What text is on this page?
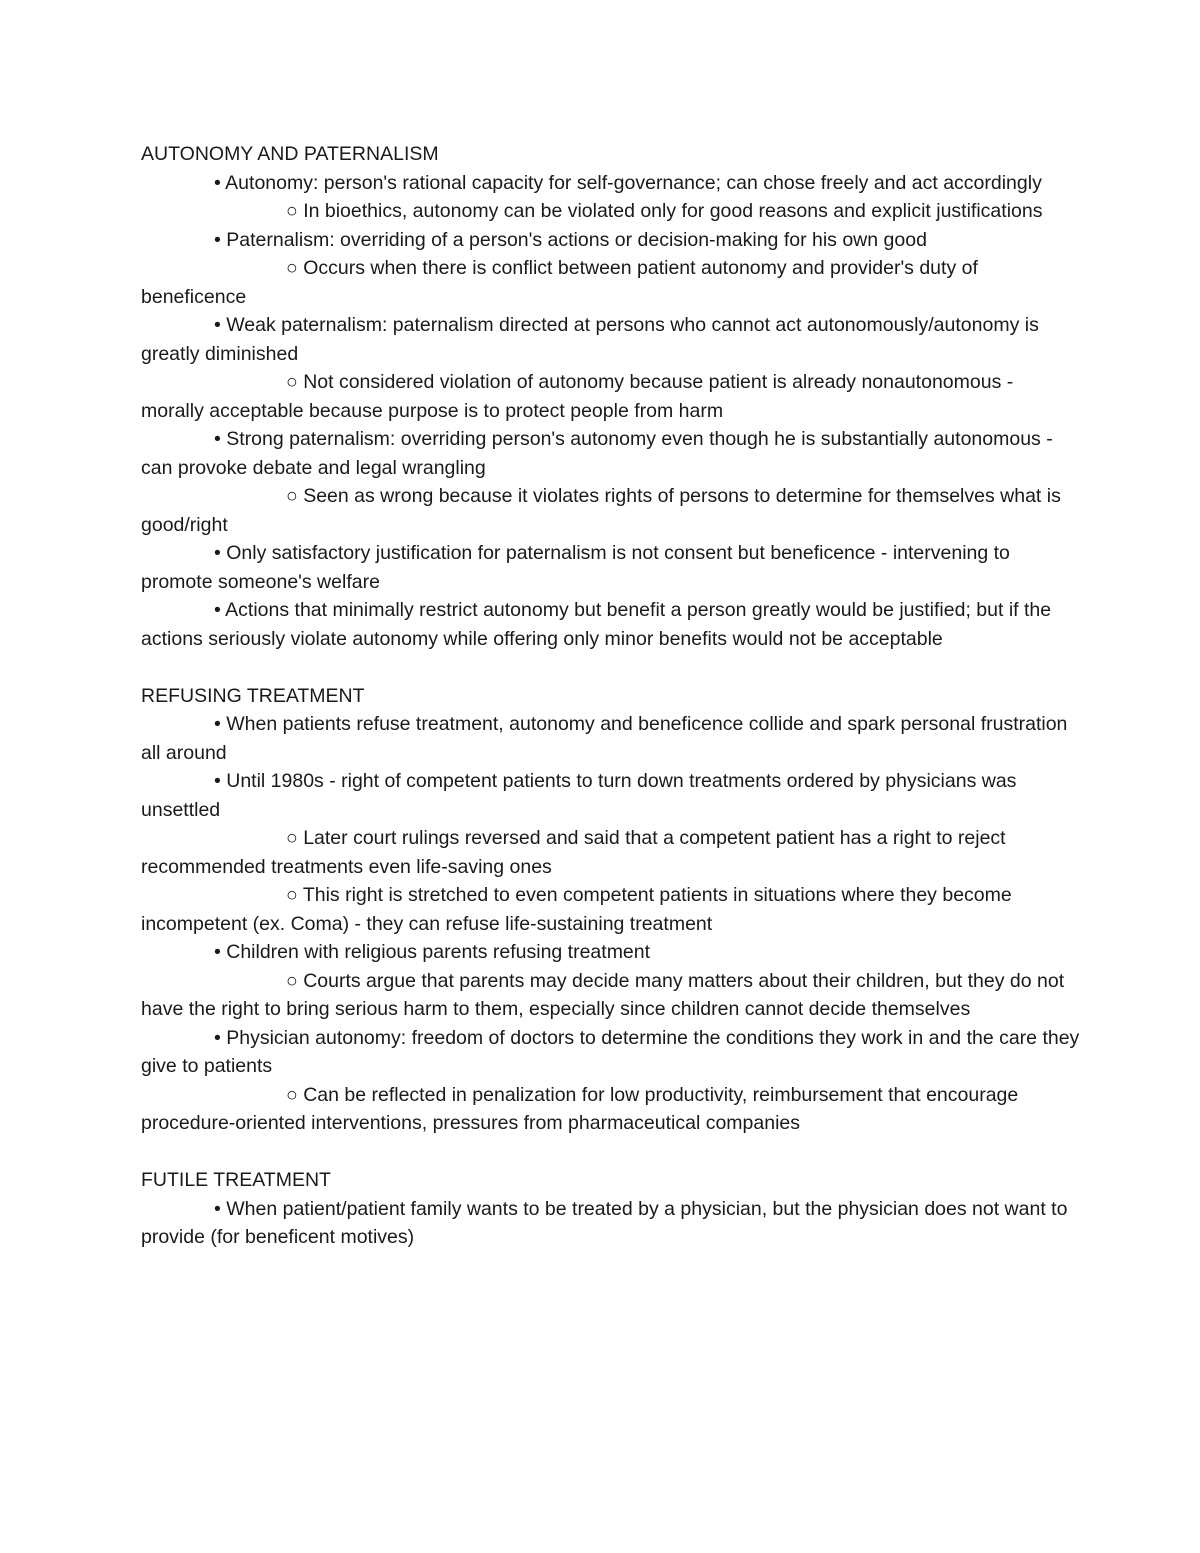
AUTONOMY AND PATERNALISM

• Autonomy: person's rational capacity for self-governance; can chose freely and act accordingly

○ In bioethics, autonomy can be violated only for good reasons and explicit justifications

• Paternalism: overriding of a person's actions or decision-making for his own good

○ Occurs when there is conflict between patient autonomy and provider's duty of beneficence

• Weak paternalism: paternalism directed at persons who cannot act autonomously/autonomy is greatly diminished

○ Not considered violation of autonomy because patient is already nonautonomous - morally acceptable because purpose is to protect people from harm

• Strong paternalism: overriding person's autonomy even though he is substantially autonomous - can provoke debate and legal wrangling

○ Seen as wrong because it violates rights of persons to determine for themselves what is good/right

• Only satisfactory justification for paternalism is not consent but beneficence - intervening to promote someone's welfare

• Actions that minimally restrict autonomy but benefit a person greatly would be justified; but if the actions seriously violate autonomy while offering only minor benefits would not be acceptable

REFUSING TREATMENT

• When patients refuse treatment, autonomy and beneficence collide and spark personal frustration all around

• Until 1980s - right of competent patients to turn down treatments ordered by physicians was unsettled

○ Later court rulings reversed and said that a competent patient has a right to reject recommended treatments even life-saving ones

○ This right is stretched to even competent patients in situations where they become incompetent (ex. Coma) - they can refuse life-sustaining treatment

• Children with religious parents refusing treatment

○ Courts argue that parents may decide many matters about their children, but they do not have the right to bring serious harm to them, especially since children cannot decide themselves

• Physician autonomy: freedom of doctors to determine the conditions they work in and the care they give to patients

○ Can be reflected in penalization for low productivity, reimbursement that encourage procedure-oriented interventions, pressures from pharmaceutical companies

FUTILE TREATMENT

• When patient/patient family wants to be treated by a physician, but the physician does not want to provide (for beneficent motives)
